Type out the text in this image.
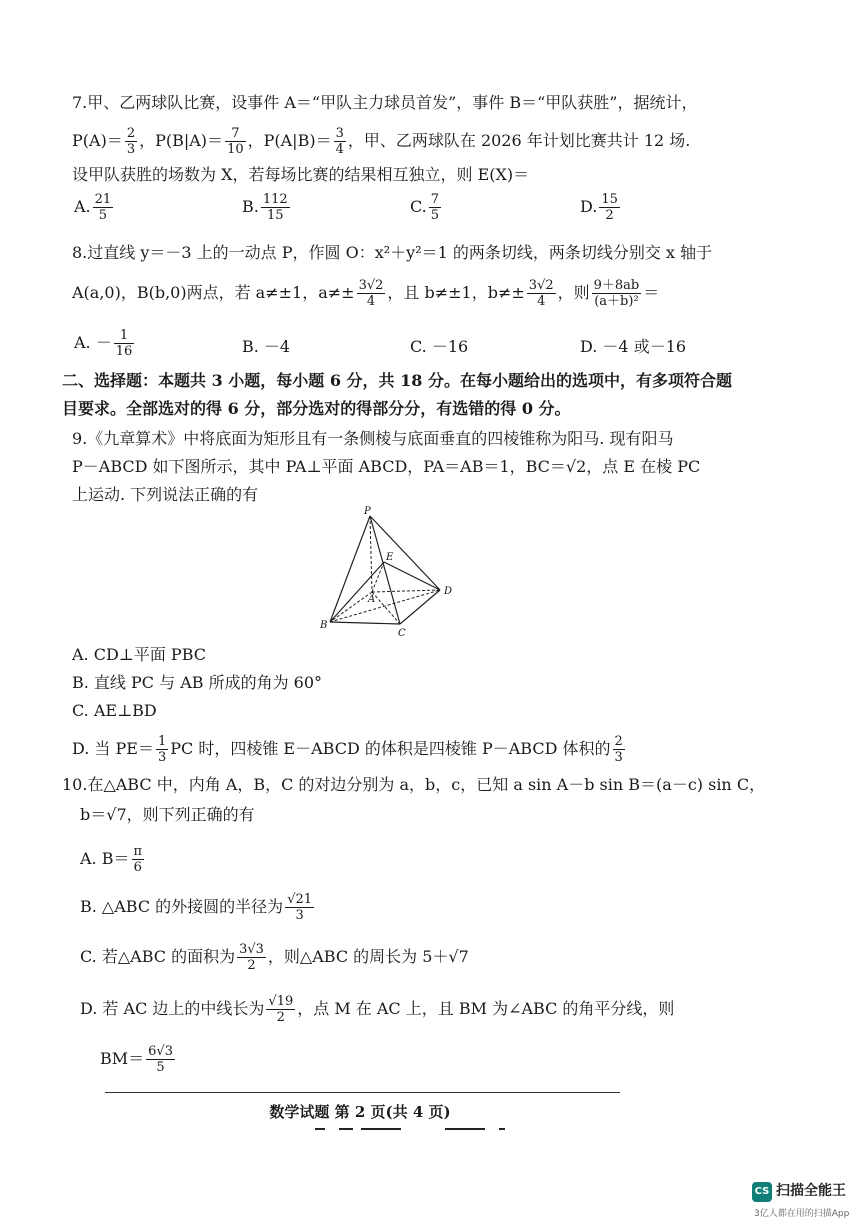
7.甲、乙两球队比赛，设事件 A＝“甲队主力球员首发”，事件 B＝“甲队获胜”，据统计，
$P(A)= \frac{2}{3}$ ，$P(B|A)= \frac{7}{10}$ ，$P(A|B)= \frac{3}{4}$ ，甲、乙两球队在 2026 年计划比赛共计 12 场.
设甲队获胜的场数为 X，若每场比赛的结果相互独立，则 E(X)＝
A. $\frac{21}{5}$	B. $\frac{112}{15}$	C. $\frac{7}{5}$	D. $\frac{15}{2}$
8.过直线 y＝－3 上的一动点 P，作圆 O：x²＋y²＝1 的两条切线，两条切线分别交 x 轴于
A(a,0)，B(b,0)两点，若 a≠±1，$a\ne\pm \frac{3√2}{4}$ ，且 b≠±1，$b\ne\pm \frac{3√2}{4}$ ，则 $\frac{9+8ab}{\text{(a＋b)²}}$ ＝
A. － $\frac{1}{16}$	B. －4	C. －16	D. －4 或－16
二、选择题：本题共 3 小题，每小题 6 分，共 18 分。在每小题给出的选项中，有多项符合题
目要求。全部选对的得 6 分，部分选对的得部分分，有选错的得 0 分。
9.《九章算术》中将底面为矩形且有一条侧棱与底面垂直的四棱锥称为阳马. 现有阳马
P－ABCD 如下图所示，其中 PA⊥平面 ABCD，PA＝AB＝1，BC＝√2，点 E 在棱 PC
上运动. 下列说法正确的有
P
E
A
B
C
D
A. CD⊥平面 PBC
B. 直线 PC 与 AB 所成的角为 60°
C. AE⊥BD
D. 当 $PE= \frac{1}{3}$ PC 时，四棱锥 E－ABCD 的体积是四棱锥 P－ABCD 体积的 $\frac{2}{3}$
10.在△ABC 中，内角 A，B，C 的对边分别为 a，b，c，已知 a sin A－b sin B＝(a－c) sin C，
b＝√7，则下列正确的有
A. $B= \frac{\pi}{6}$
B. △ABC 的外接圆的半径为 $\frac{√21}{3}$
C. 若△ABC 的面积为 $\frac{3√3}{2}$ ，则△ABC 的周长为 5＋√7
D. 若 AC 边上的中线长为 $\frac{√19}{2}$ ，点 M 在 AC 上，且 BM 为∠ABC 的角平分线，则
$BM= \frac{6√3}{5}$
数学试题 第 2 页(共 4 页)
CS 扫描全能王
3亿人都在用的扫描App
